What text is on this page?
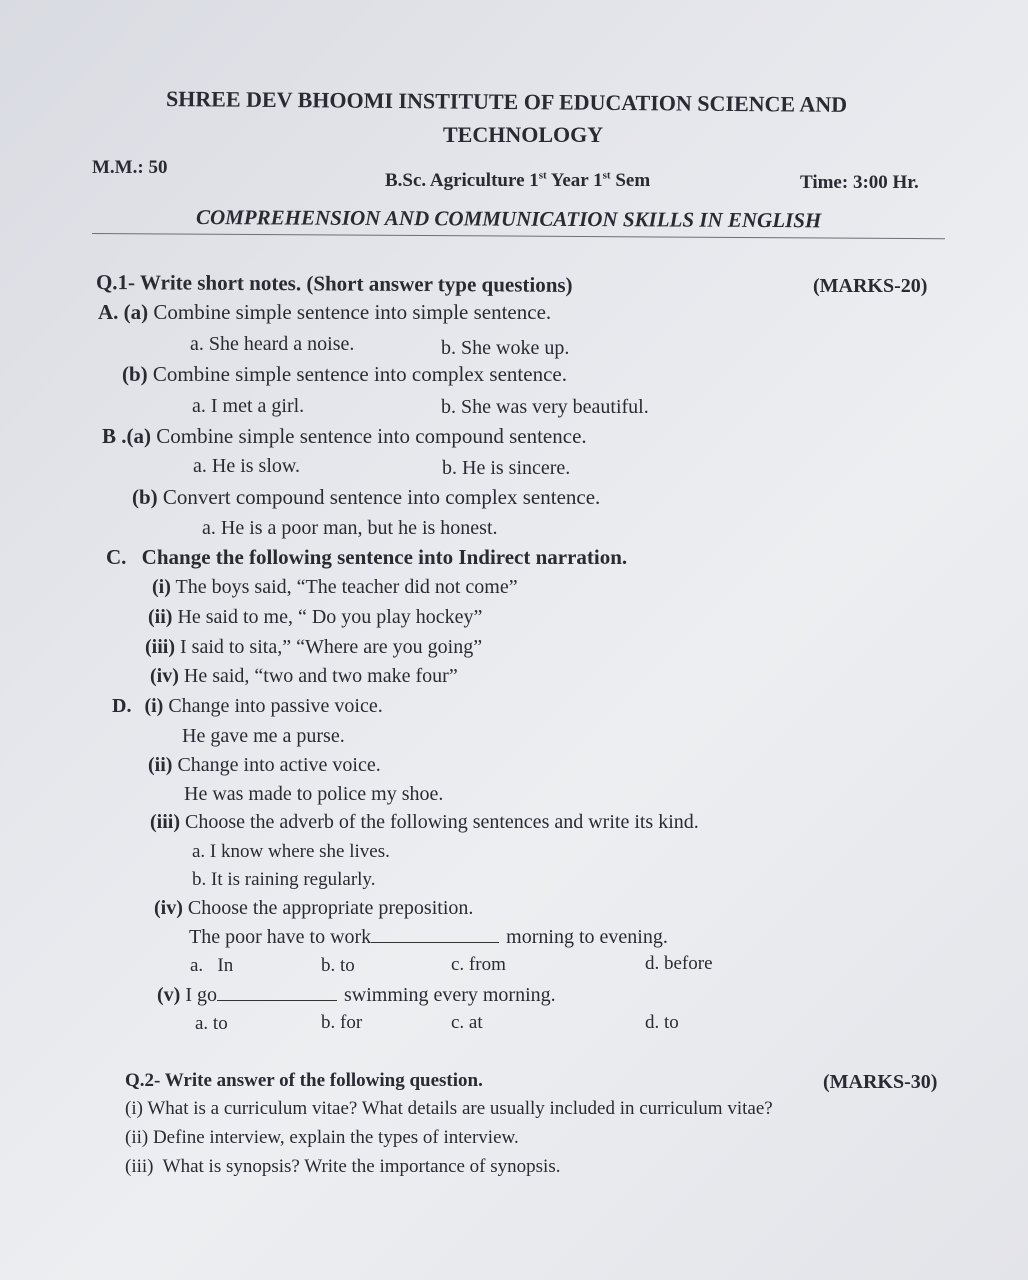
SHREE DEV BHOOMI INSTITUTE OF EDUCATION SCIENCE AND
TECHNOLOGY
M.M.: 50
B.Sc. Agriculture 1st Year 1st Sem	Time: 3:00 Hr.
COMPREHENSION AND COMMUNICATION SKILLS IN ENGLISH
Q.1- Write short notes. (Short answer type questions)	(MARKS-20)
A. (a) Combine simple sentence into simple sentence.
a. She heard a noise.	b. She woke up.
(b) Combine simple sentence into complex sentence.
a. I met a girl.	b. She was very beautiful.
B .(a) Combine simple sentence into compound sentence.
a. He is slow.	b. He is sincere.
(b) Convert compound sentence into complex sentence.
a. He is a poor man, but he is honest.
C. Change the following sentence into Indirect narration.
(i) The boys said, “The teacher did not come”
(ii) He said to me, “ Do you play hockey”
(iii) I said to sita,” “Where are you going”
(iv) He said, “two and two make four”
D. (i) Change into passive voice.
He gave me a purse.
(ii) Change into active voice.
He was made to police my shoe.
(iii) Choose the adverb of the following sentences and write its kind.
a. I know where she lives.
b. It is raining regularly.
(iv) Choose the appropriate preposition.
The poor have to work	morning to evening.
a.   In	b. to	c. from	d. before
(v) I go	swimming every morning.
a. to	b. for	c. at	d. to
Q.2- Write answer of the following question.	(MARKS-30)
(i) What is a curriculum vitae? What details are usually included in curriculum vitae?
(ii) Define interview, explain the types of interview.
(iii)  What is synopsis? Write the importance of synopsis.
